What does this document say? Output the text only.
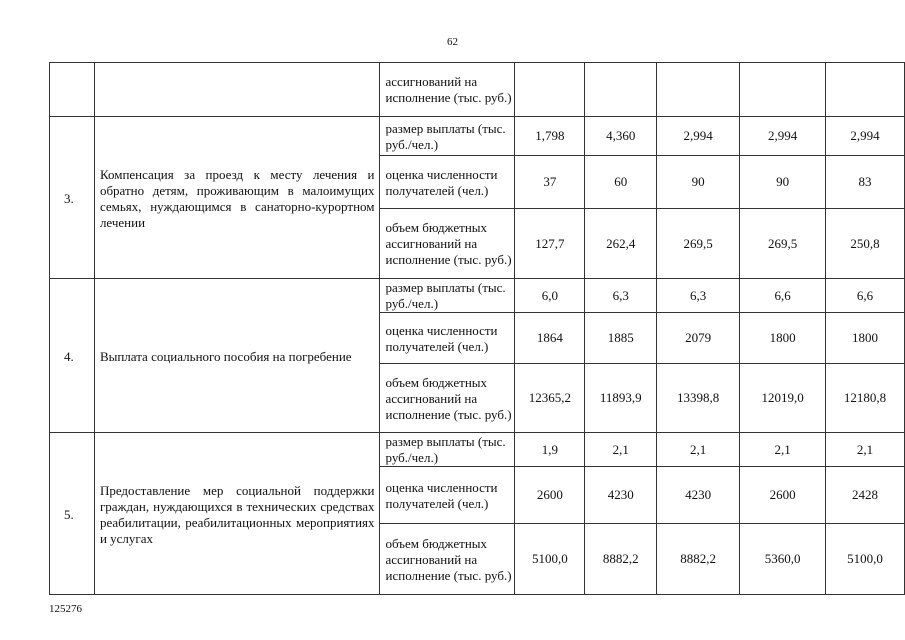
62
		ассигнований на исполнение (тыс. руб.)					
3.	Компенсация за проезд к месту лечения и обратно детям, проживающим в малоимущих семьях, нуждающимся в санаторно-курортном лечении	размер выплаты (тыс. руб./чел.)	1,798	4,360	2,994	2,994	2,994
		оценка численности получателей (чел.)	37	60	90	90	83
		объем бюджетных ассигнований на исполнение (тыс. руб.)	127,7	262,4	269,5	269,5	250,8
4.	Выплата социального пособия на погребение	размер выплаты (тыс. руб./чел.)	6,0	6,3	6,3	6,6	6,6
		оценка численности получателей (чел.)	1864	1885	2079	1800	1800
		объем бюджетных ассигнований на исполнение (тыс. руб.)	12365,2	11893,9	13398,8	12019,0	12180,8
5.	Предоставление мер социальной поддержки граждан, нуждающихся в технических средствах реабилитации, реабилитационных мероприятиях и услугах	размер выплаты (тыс. руб./чел.)	1,9	2,1	2,1	2,1	2,1
		оценка численности получателей (чел.)	2600	4230	4230	2600	2428
		объем бюджетных ассигнований на исполнение (тыс. руб.)	5100,0	8882,2	8882,2	5360,0	5100,0
125276
